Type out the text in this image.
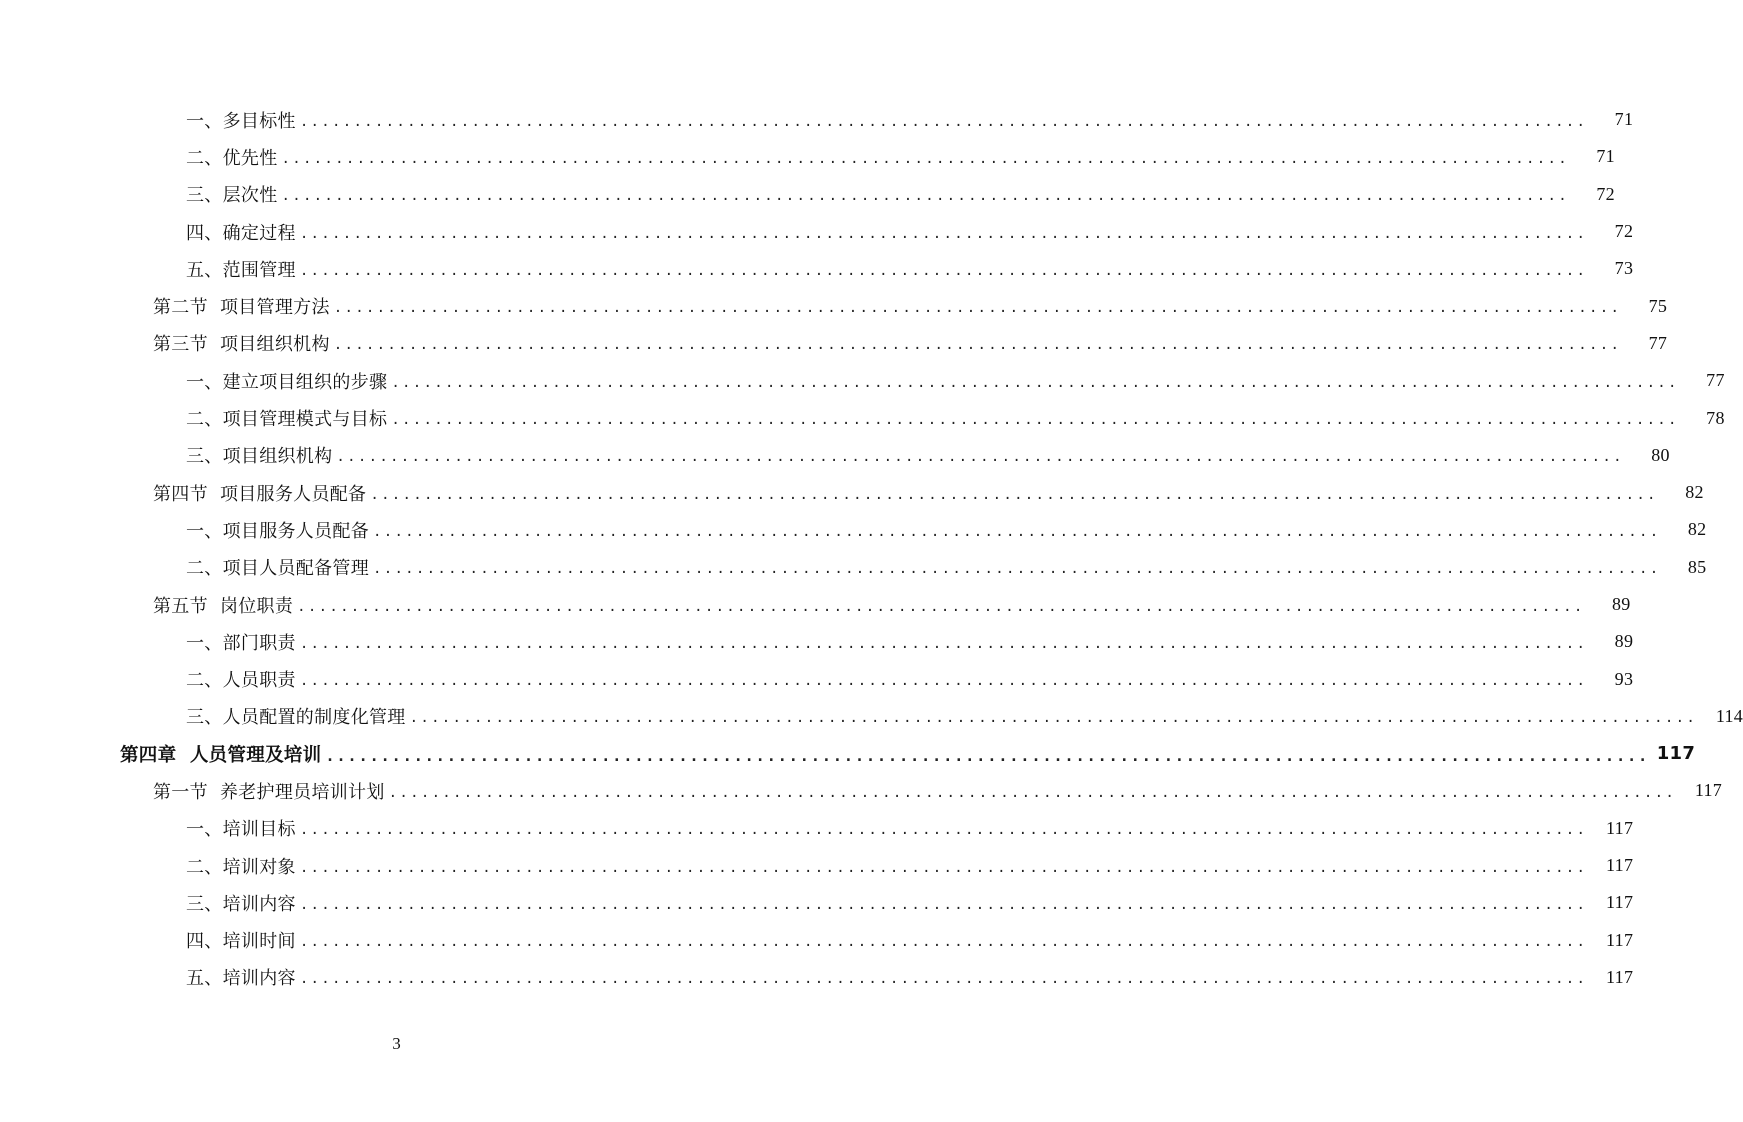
一、多目标性 ........................................................................................................................	71
二、优先性 ........................................................................................................................	71
三、层次性 ........................................................................................................................	72
四、确定过程 ........................................................................................................................	72
五、范围管理 ........................................................................................................................	73
第二节  项目管理方法 ........................................................................................................................	75
第三节  项目组织机构 ........................................................................................................................	77
一、建立项目组织的步骤 ........................................................................................................................	77
二、项目管理模式与目标 ........................................................................................................................	78
三、项目组织机构 ........................................................................................................................	80
第四节  项目服务人员配备 ........................................................................................................................	82
一、项目服务人员配备 ........................................................................................................................	82
二、项目人员配备管理 ........................................................................................................................	85
第五节  岗位职责 ........................................................................................................................	89
一、部门职责 ........................................................................................................................	89
二、人员职责 ........................................................................................................................	93
三、人员配置的制度化管理 ........................................................................................................................	114
第四章  人员管理及培训 ........................................................................................................................ 117
第一节  养老护理员培训计划 ........................................................................................................................	117
一、培训目标 ........................................................................................................................	117
二、培训对象 ........................................................................................................................	117
三、培训内容 ........................................................................................................................	117
四、培训时间 ........................................................................................................................	117
五、培训内容 ........................................................................................................................	117
3
